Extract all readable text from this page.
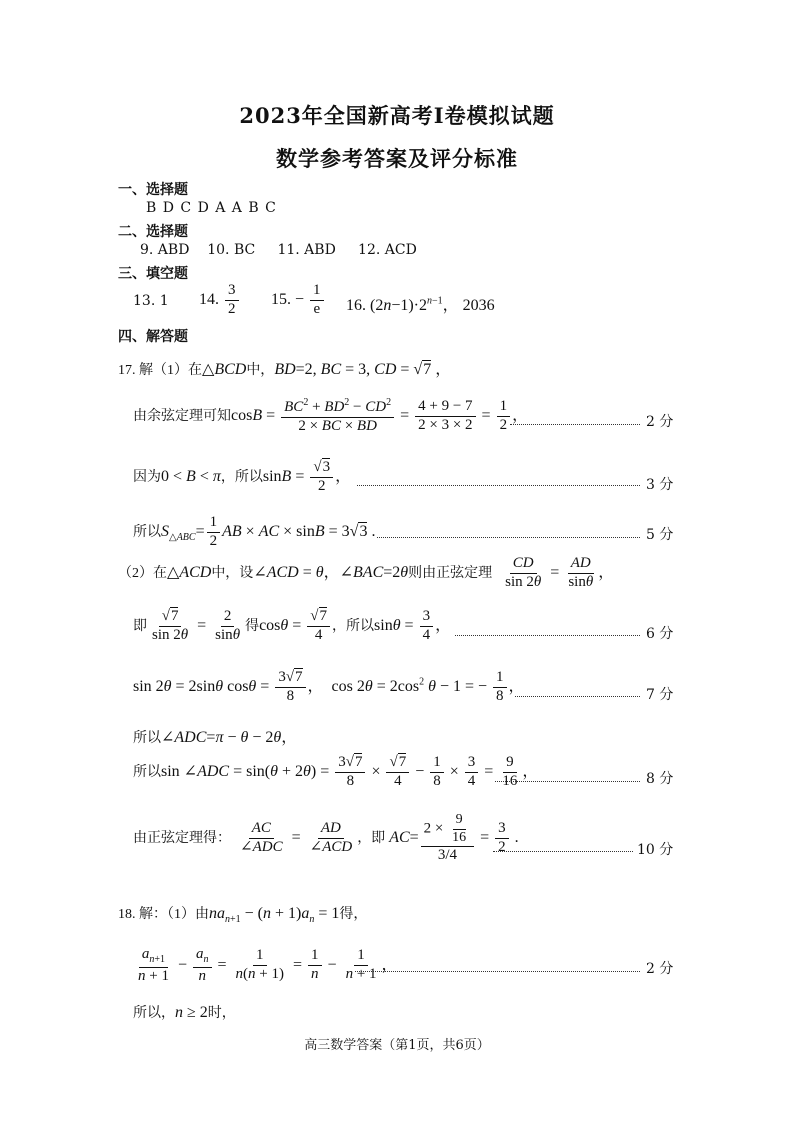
2023年全国新高考Ⅰ卷模拟试题
数学参考答案及评分标准
一、选择题
B D C D A A B C
二、选择题
9. ABD    10. BC     11. ABD     12. ACD
三、填空题
13. 1 14. $\frac{3}{2} 15$. − $\frac{1}{e} 16$. $(2n-1)\cdot 2^{n-1}$， 2036
四、解答题
17. 解（1）在△BCD中，BD=2, BC = 3, CD = √7 ，
由余弦定理可知$\cos B = \frac{BC^2 + BD^2 - CD^2}{2 \times BC \times BD} = \frac{4 + 9 - 7}{2 \times 3 \times 2} = \frac{1}{2}$ ，	2 分
因为0 < B < π，所以$\sin B = \frac{√3}{2}$ ，
3 分
所以$S_{\triangle ABC}= \frac{1}{2}$ AB × AC × sinB = 3√3 .	5 分
（2）在△ACD中，设∠ACD = θ，∠BAC=2θ则由正弦定理 $\frac{CD}{\sin 2\theta} = \frac{AD}{\sin\theta}$ ，
即 $\frac{√7}{\sin 2\theta} = \frac{2}{\sin\theta}$ 得$\cos\theta = \frac{√7}{4}$ ，所以$\sin\theta = \frac{3}{4}$ ，
6 分
sin 2θ = 2sinθ $\cos\theta = \frac{3√7}{8}$ ，  $\cos 2\theta = 2\cos^2$ θ − 1 = − $\frac{1}{8}$ ，
7 分
所以∠ADC=π − θ − 2θ，
所以sin ∠ADC = $\sin(\theta + 2\theta) = \frac{3√7}{8} \times \frac{√7}{4} - \frac{1}{8} \times \frac{3}{4} = \frac{9}{16}$ ，	8 分
由正弦定理得： $\frac{AC}{\text{∠ADC}} = \frac{AD}{\text{∠ACD}}$ ，即 $AC= \frac{2 \times \frac{9}{16}}{3/4} = \frac{3}{2}$ .
10 分
18. 解：（1）由$na_{n+1} - (n + 1)a_n = 1$得，
$\frac{a_{n+1}}{n + 1} - \frac{a_n}{n} = \frac{1}{n(n + 1)} = \frac{1}{n} - \frac{1}{n + 1}$ ，	2 分
所以，n ≥ 2时，
高三数学答案（第1页，共6页）
